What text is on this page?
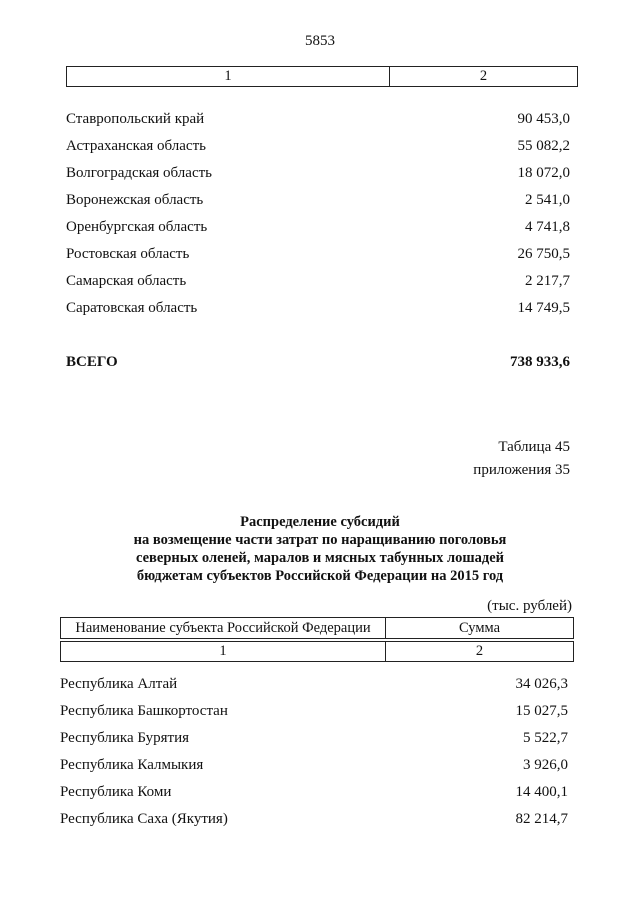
5853
1	2
Ставропольский край	90 453,0
Астраханская область	55 082,2
Волгоградская область	18 072,0
Воронежская область	2 541,0
Оренбургская область	4 741,8
Ростовская область	26 750,5
Самарская область	2 217,7
Саратовская область	14 749,5
ВСЕГО	738 933,6
Таблица 45
приложения 35
Распределение субсидий
на возмещение части затрат по наращиванию поголовья
северных оленей, маралов и мясных табунных лошадей
бюджетам субъектов Российской Федерации на 2015 год
(тыс. рублей)
Наименование субъекта Российской Федерации	Сумма
1	2
Республика Алтай	34 026,3
Республика Башкортостан	15 027,5
Республика Бурятия	5 522,7
Республика Калмыкия	3 926,0
Республика Коми	14 400,1
Республика Саха (Якутия)	82 214,7
